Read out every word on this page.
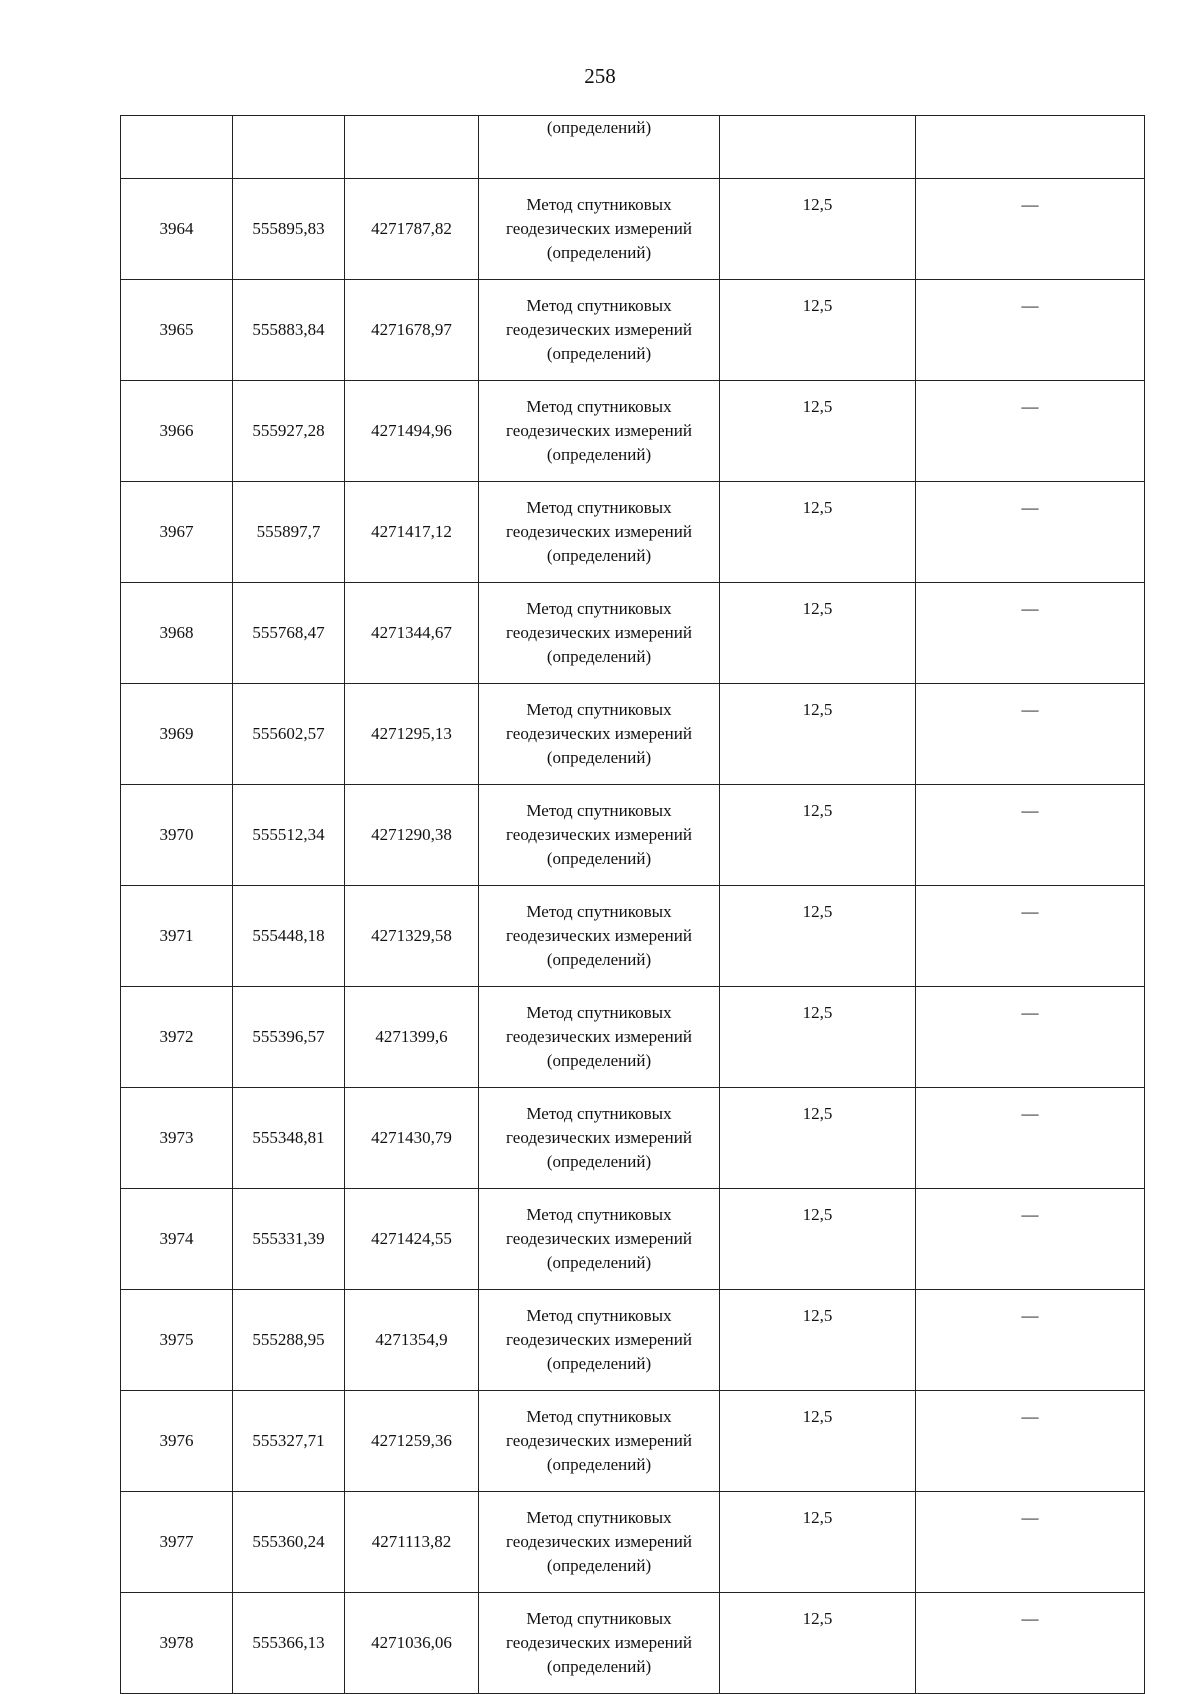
258
			(определений)		
3964	555895,83	4271787,82	Метод спутниковых
геодезических измерений
(определений)	12,5	—
3965	555883,84	4271678,97	Метод спутниковых
геодезических измерений
(определений)	12,5	—
3966	555927,28	4271494,96	Метод спутниковых
геодезических измерений
(определений)	12,5	—
3967	555897,7	4271417,12	Метод спутниковых
геодезических измерений
(определений)	12,5	—
3968	555768,47	4271344,67	Метод спутниковых
геодезических измерений
(определений)	12,5	—
3969	555602,57	4271295,13	Метод спутниковых
геодезических измерений
(определений)	12,5	—
3970	555512,34	4271290,38	Метод спутниковых
геодезических измерений
(определений)	12,5	—
3971	555448,18	4271329,58	Метод спутниковых
геодезических измерений
(определений)	12,5	—
3972	555396,57	4271399,6	Метод спутниковых
геодезических измерений
(определений)	12,5	—
3973	555348,81	4271430,79	Метод спутниковых
геодезических измерений
(определений)	12,5	—
3974	555331,39	4271424,55	Метод спутниковых
геодезических измерений
(определений)	12,5	—
3975	555288,95	4271354,9	Метод спутниковых
геодезических измерений
(определений)	12,5	—
3976	555327,71	4271259,36	Метод спутниковых
геодезических измерений
(определений)	12,5	—
3977	555360,24	4271113,82	Метод спутниковых
геодезических измерений
(определений)	12,5	—
3978	555366,13	4271036,06	Метод спутниковых
геодезических измерений
(определений)	12,5	—
